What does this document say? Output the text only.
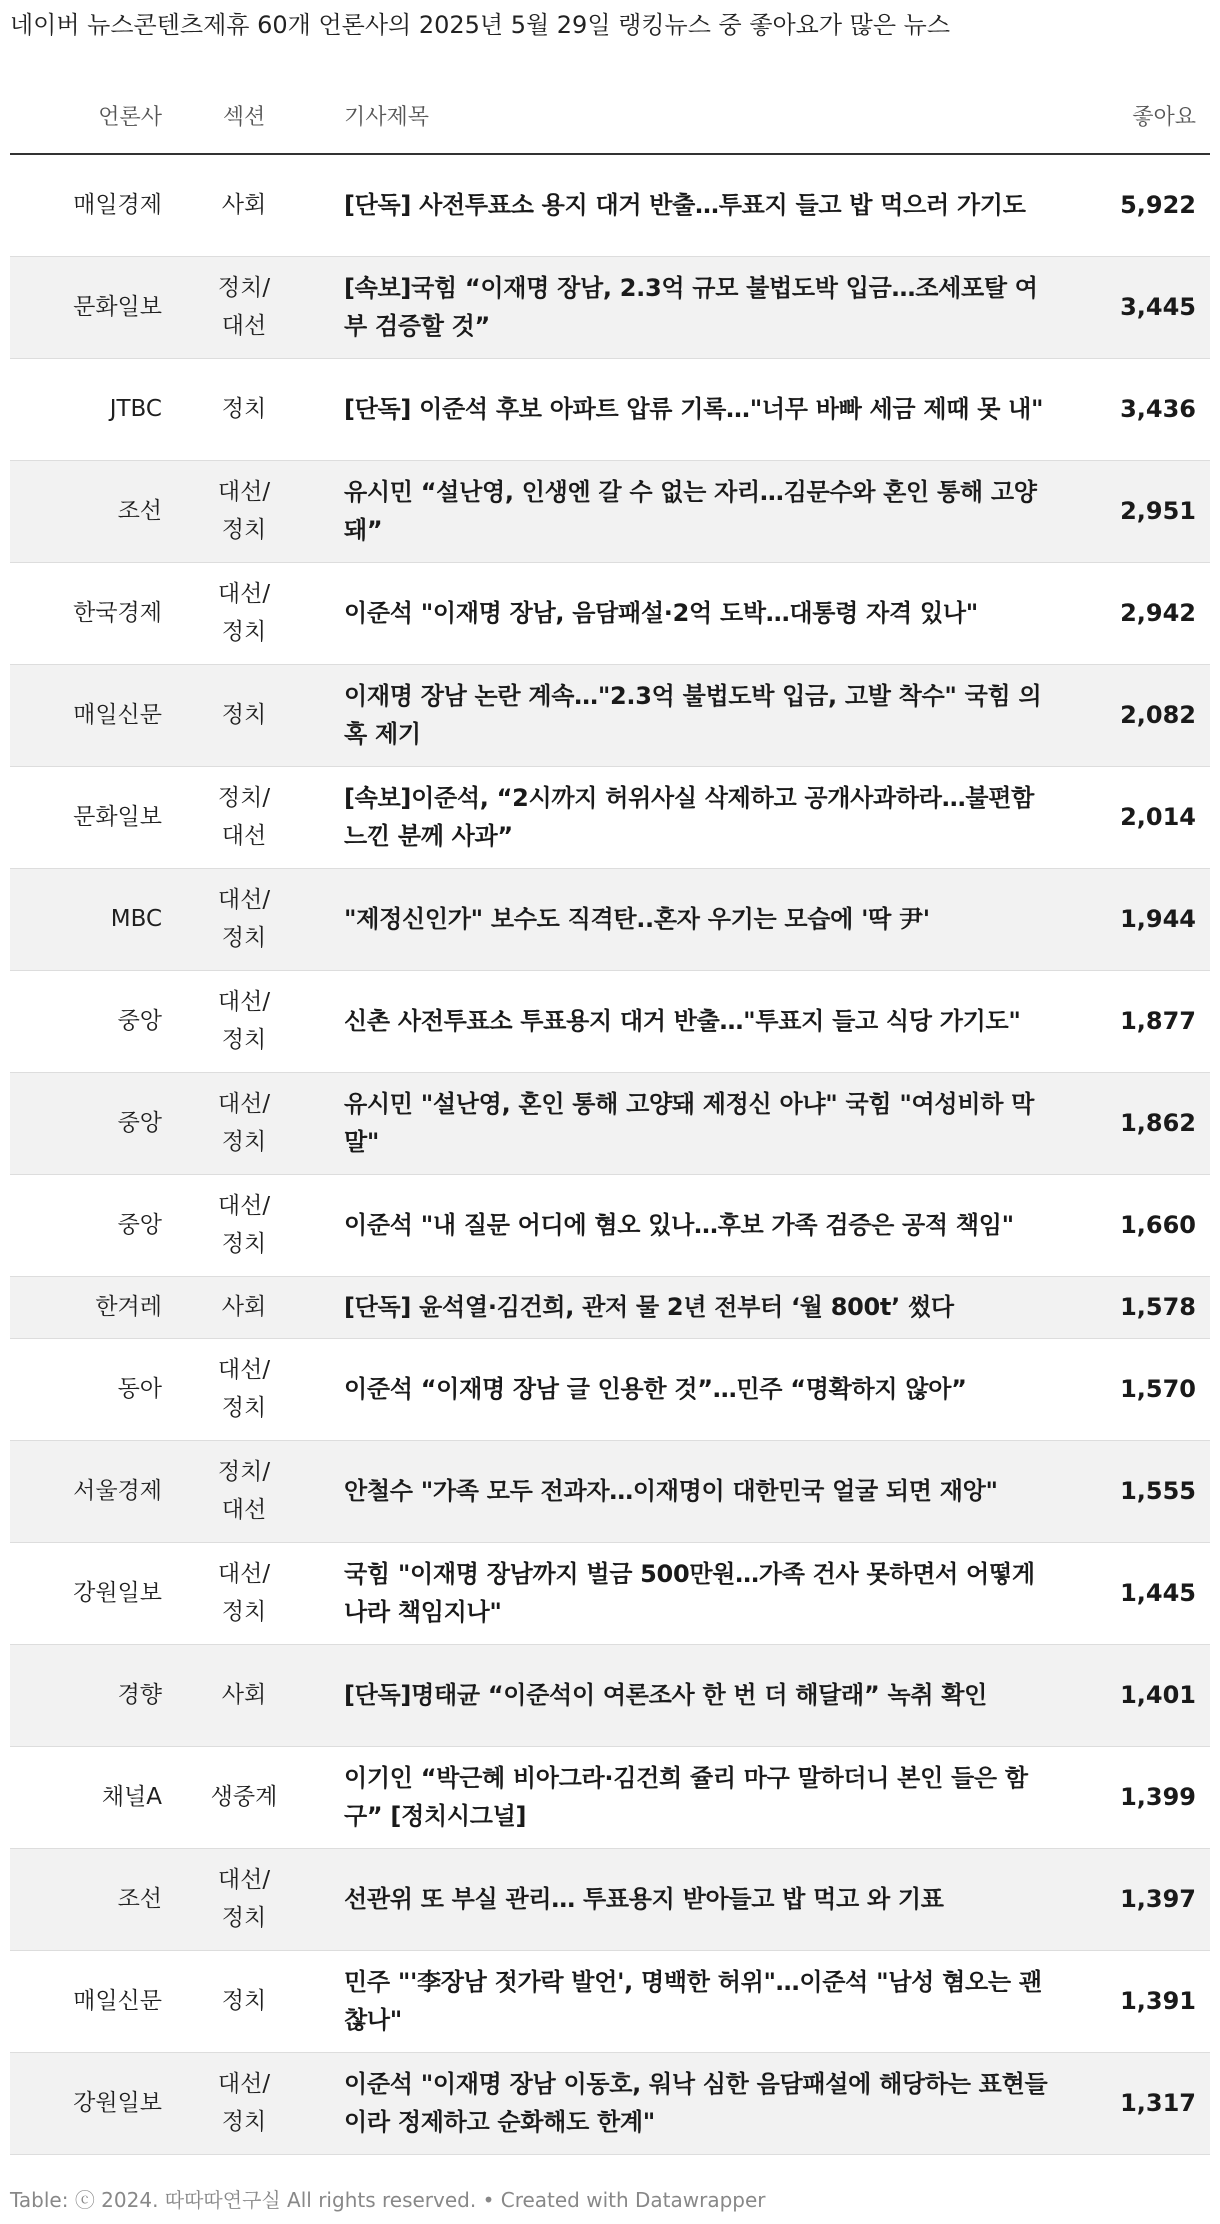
네이버 뉴스콘텐츠제휴 60개 언론사의 2025년 5월 29일 랭킹뉴스 중 좋아요가 많은 뉴스
언론사	섹션	기사제목	좋아요
매일경제	사회	[단독] 사전투표소 용지 대거 반출…투표지 들고 밥 먹으러 가기도	5,922
문화일보	정치/대선	[속보]국힘 “이재명 장남, 2.3억 규모 불법도박 입금…조세포탈 여부 검증할 것”	3,445
JTBC	정치	[단독] 이준석 후보 아파트 압류 기록…"너무 바빠 세금 제때 못 내"	3,436
조선	대선/정치	유시민 “설난영, 인생엔 갈 수 없는 자리…김문수와 혼인 통해 고양돼”	2,951
한국경제	대선/정치	이준석 "이재명 장남, 음담패설·2억 도박…대통령 자격 있나"	2,942
매일신문	정치	이재명 장남 논란 계속…"2.3억 불법도박 입금, 고발 착수" 국힘 의혹 제기	2,082
문화일보	정치/대선	[속보]이준석, “2시까지 허위사실 삭제하고 공개사과하라…불편함 느낀 분께 사과”	2,014
MBC	대선/정치	"제정신인가" 보수도 직격탄..혼자 우기는 모습에 '딱 尹'	1,944
중앙	대선/정치	신촌 사전투표소 투표용지 대거 반출…"투표지 들고 식당 가기도"	1,877
중앙	대선/정치	유시민 "설난영, 혼인 통해 고양돼 제정신 아냐" 국힘 "여성비하 막말"	1,862
중앙	대선/정치	이준석 "내 질문 어디에 혐오 있나…후보 가족 검증은 공적 책임"	1,660
한겨레	사회	[단독] 윤석열·김건희, 관저 물 2년 전부터 ‘월 800t’ 썼다	1,578
동아	대선/정치	이준석 “이재명 장남 글 인용한 것”…민주 “명확하지 않아”	1,570
서울경제	정치/대선	안철수 "가족 모두 전과자…이재명이 대한민국 얼굴 되면 재앙"	1,555
강원일보	대선/정치	국힘 "이재명 장남까지 벌금 500만원…가족 건사 못하면서 어떻게 나라 책임지나"	1,445
경향	사회	[단독]명태균 “이준석이 여론조사 한 번 더 해달래” 녹취 확인	1,401
채널A	생중계	이기인 “박근혜 비아그라·김건희 쥴리 마구 말하더니 본인 들은 함구” [정치시그널]	1,399
조선	대선/정치	선관위 또 부실 관리… 투표용지 받아들고 밥 먹고 와 기표	1,397
매일신문	정치	민주 "'李장남 젓가락 발언', 명백한 허위"…이준석 "남성 혐오는 괜찮나"	1,391
강원일보	대선/정치	이준석 "이재명 장남 이동호, 워낙 심한 음담패설에 해당하는 표현들이라 정제하고 순화해도 한계"	1,317
Table: ⓒ 2024. 따따따연구실 All rights reserved. • Created with Datawrapper
